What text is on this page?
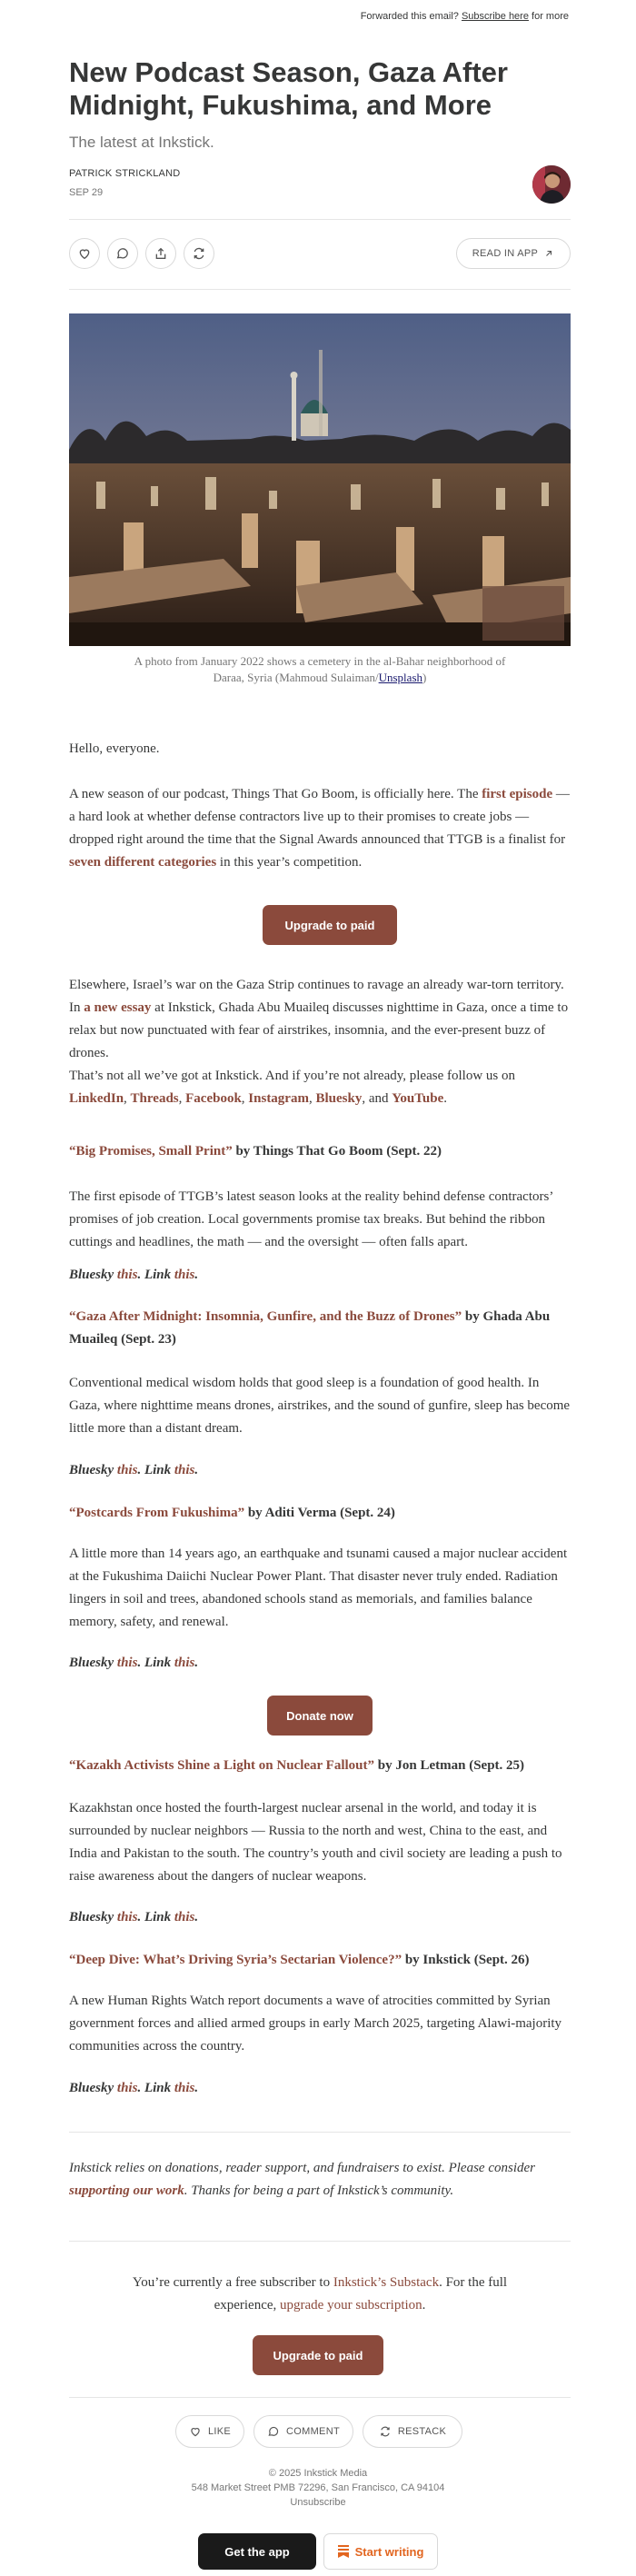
Forwarded this email? Subscribe here for more
New Podcast Season, Gaza After Midnight, Fukushima, and More
The latest at Inkstick.
PATRICK STRICKLAND
SEP 29
READ IN APP
A photo from January 2022 shows a cemetery in the al-Bahar neighborhood of Daraa, Syria (Mahmoud Sulaiman/Unsplash)
Hello, everyone.
A new season of our podcast, Things That Go Boom, is officially here. The first episode — a hard look at whether defense contractors live up to their promises to create jobs — dropped right around the time that the Signal Awards announced that TTGB is a finalist for seven different categories in this year’s competition.
Upgrade to paid
Elsewhere, Israel’s war on the Gaza Strip continues to ravage an already war-torn territory. In a new essay at Inkstick, Ghada Abu Muaileq discusses nighttime in Gaza, once a time to relax but now punctuated with fear of airstrikes, insomnia, and the ever-present buzz of drones.
That’s not all we’ve got at Inkstick. And if you’re not already, please follow us on LinkedIn, Threads, Facebook, Instagram, Bluesky, and YouTube.
“Big Promises, Small Print” by Things That Go Boom (Sept. 22)
The first episode of TTGB’s latest season looks at the reality behind defense contractors’ promises of job creation. Local governments promise tax breaks. But behind the ribbon cuttings and headlines, the math — and the oversight — often falls apart.
Bluesky this. Link this.
“Gaza After Midnight: Insomnia, Gunfire, and the Buzz of Drones” by Ghada Abu Muaileq (Sept. 23)
Conventional medical wisdom holds that good sleep is a foundation of good health. In Gaza, where nighttime means drones, airstrikes, and the sound of gunfire, sleep has become little more than a distant dream.
Bluesky this. Link this.
“Postcards From Fukushima” by Aditi Verma (Sept. 24)
A little more than 14 years ago, an earthquake and tsunami caused a major nuclear accident at the Fukushima Daiichi Nuclear Power Plant. That disaster never truly ended. Radiation lingers in soil and trees, abandoned schools stand as memorials, and families balance memory, safety, and renewal.
Bluesky this. Link this.
Donate now
“Kazakh Activists Shine a Light on Nuclear Fallout” by Jon Letman (Sept. 25)
Kazakhstan once hosted the fourth-largest nuclear arsenal in the world, and today it is surrounded by nuclear neighbors — Russia to the north and west, China to the east, and India and Pakistan to the south. The country’s youth and civil society are leading a push to raise awareness about the dangers of nuclear weapons.
Bluesky this. Link this.
“Deep Dive: What’s Driving Syria’s Sectarian Violence?” by Inkstick (Sept. 26)
A new Human Rights Watch report documents a wave of atrocities committed by Syrian government forces and allied armed groups in early March 2025, targeting Alawi-majority communities across the country.
Bluesky this. Link this.
Inkstick relies on donations, reader support, and fundraisers to exist. Please consider supporting our work. Thanks for being a part of Inkstick’s community.
You’re currently a free subscriber to Inkstick’s Substack. For the full experience, upgrade your subscription.
Upgrade to paid
LIKE	COMMENT	RESTACK
© 2025 Inkstick Media
548 Market Street PMB 72296, San Francisco, CA 94104
Unsubscribe
Get the app	Start writing
